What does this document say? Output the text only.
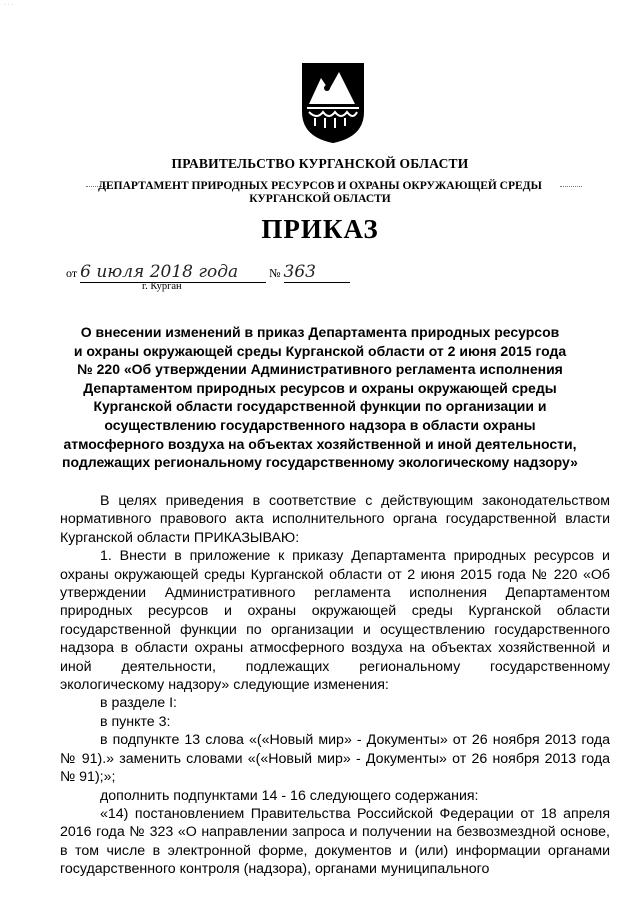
· · ·
ПРАВИТЕЛЬСТВО КУРГАНСКОЙ ОБЛАСТИ
ДЕПАРТАМЕНТ ПРИРОДНЫХ РЕСУРСОВ И ОХРАНЫ ОКРУЖАЮЩЕЙ СРЕДЫ
КУРГАНСКОЙ ОБЛАСТИ
ПРИКАЗ
от 6 июля 2018 года	№ 363
г. Курган
О внесении изменений в приказ Департамента природных ресурсов
и охраны окружающей среды Курганской области от 2 июня 2015 года
№ 220 «Об утверждении Административного регламента исполнения
Департаментом природных ресурсов и охраны окружающей среды
Курганской области государственной функции по организации и
осуществлению государственного надзора в области охраны
атмосферного воздуха на объектах хозяйственной и иной деятельности,
подлежащих региональному государственному экологическому надзору»

В целях приведения в соответствие с действующим законодательством нормативного правового акта исполнительного органа государственной власти Курганской области ПРИКАЗЫВАЮ:

1. Внести в приложение к приказу Департамента природных ресурсов и охраны окружающей среды Курганской области от 2 июня 2015 года № 220 «Об утверждении Административного регламента исполнения Департаментом природных ресурсов и охраны окружающей среды Курганской области государственной функции по организации и осуществлению государственного надзора в области охраны атмосферного воздуха на объектах хозяйственной и иной деятельности, подлежащих региональному государственному экологическому надзору» следующие изменения:

в разделе I:

в пункте 3:

в подпункте 13 слова «(«Новый мир» - Документы» от 26 ноября 2013 года № 91).» заменить словами «(«Новый мир» - Документы» от 26 ноября 2013 года № 91);»;

дополнить подпунктами 14 - 16 следующего содержания:

«14) постановлением Правительства Российской Федерации от 18 апреля 2016 года № 323 «О направлении запроса и получении на безвозмездной основе, в том числе в электронной форме, документов и (или) информации органами государственного контроля (надзора), органами муниципального
